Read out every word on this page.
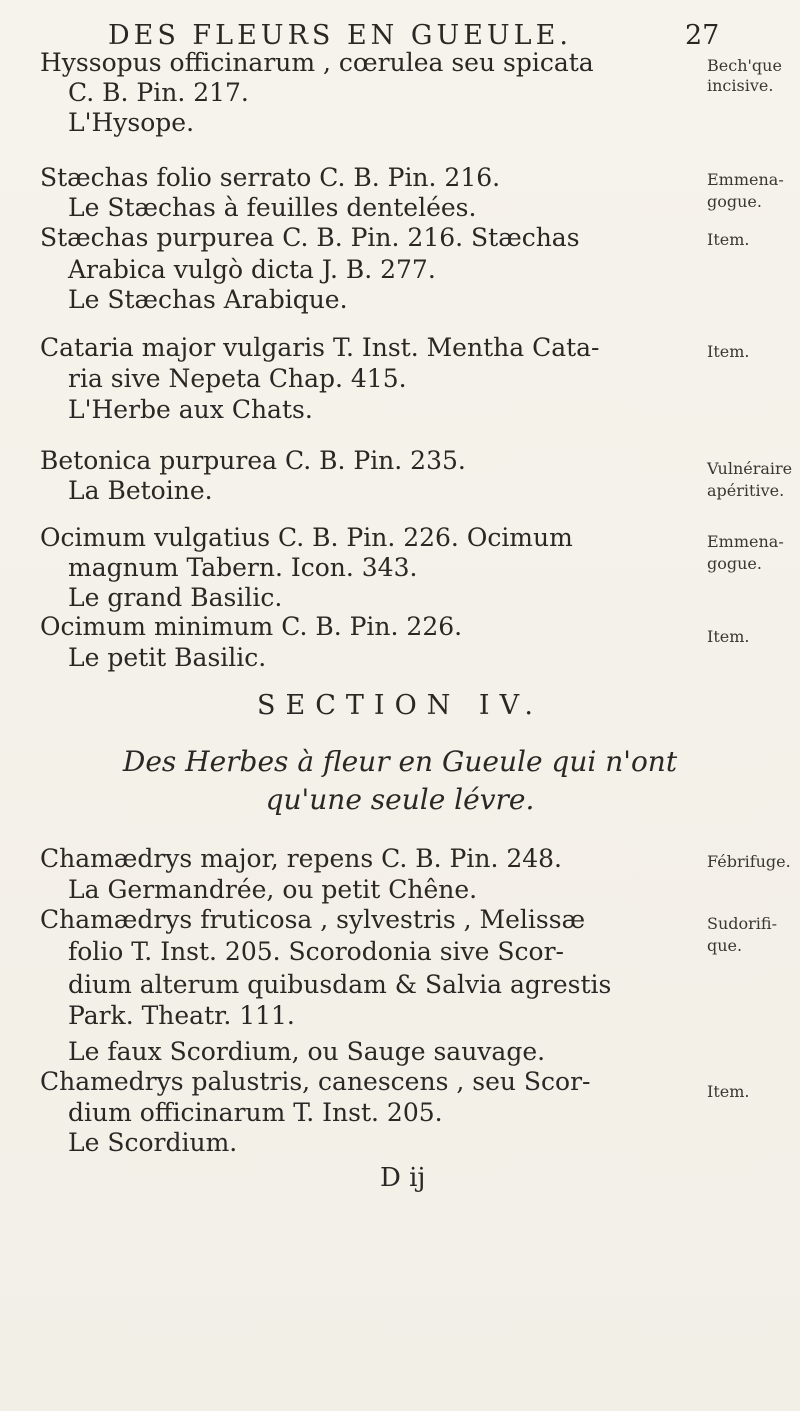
DES FLEURS EN GUEULE.	27
Hyssopus officinarum , cœrulea seu spicata
C. B. Pin. 217.
L'Hysope.
Bech'que
incisive.
Stæchas folio serrato C. B. Pin. 216.
Le Stæchas à feuilles dentelées.
Emmena-
gogue.
Stæchas purpurea C. B. Pin. 216. Stæchas
Arabica vulgò dicta J. B. 277.
Le Stæchas Arabique.
Item.
Cataria major vulgaris T. Inst. Mentha Cata-
ria sive Nepeta Chap. 415.
L'Herbe aux Chats.
Item.
Betonica purpurea C. B. Pin. 235.
La Betoine.
Vulnéraire
apéritive.
Ocimum vulgatius C. B. Pin. 226. Ocimum
magnum Tabern. Icon. 343.
Le grand Basilic.
Emmena-
gogue.
Ocimum minimum C. B. Pin. 226.
Le petit Basilic.
Item.
SECTION IV.
Des Herbes à fleur en Gueule qui n'ont
qu'une seule lévre.
Chamædrys major, repens C. B. Pin. 248.
La Germandrée, ou petit Chêne.
Fébrifuge.
Chamædrys fruticosa , sylvestris , Melissæ
folio T. Inst. 205. Scorodonia sive Scor-
dium alterum quibusdam & Salvia agrestis
Park. Theatr. 111.
Le faux Scordium, ou Sauge sauvage.
Sudorifi-
que.
Chamedrys palustris, canescens , seu Scor-
dium officinarum T. Inst. 205.
Le Scordium.
Item.
D ij
